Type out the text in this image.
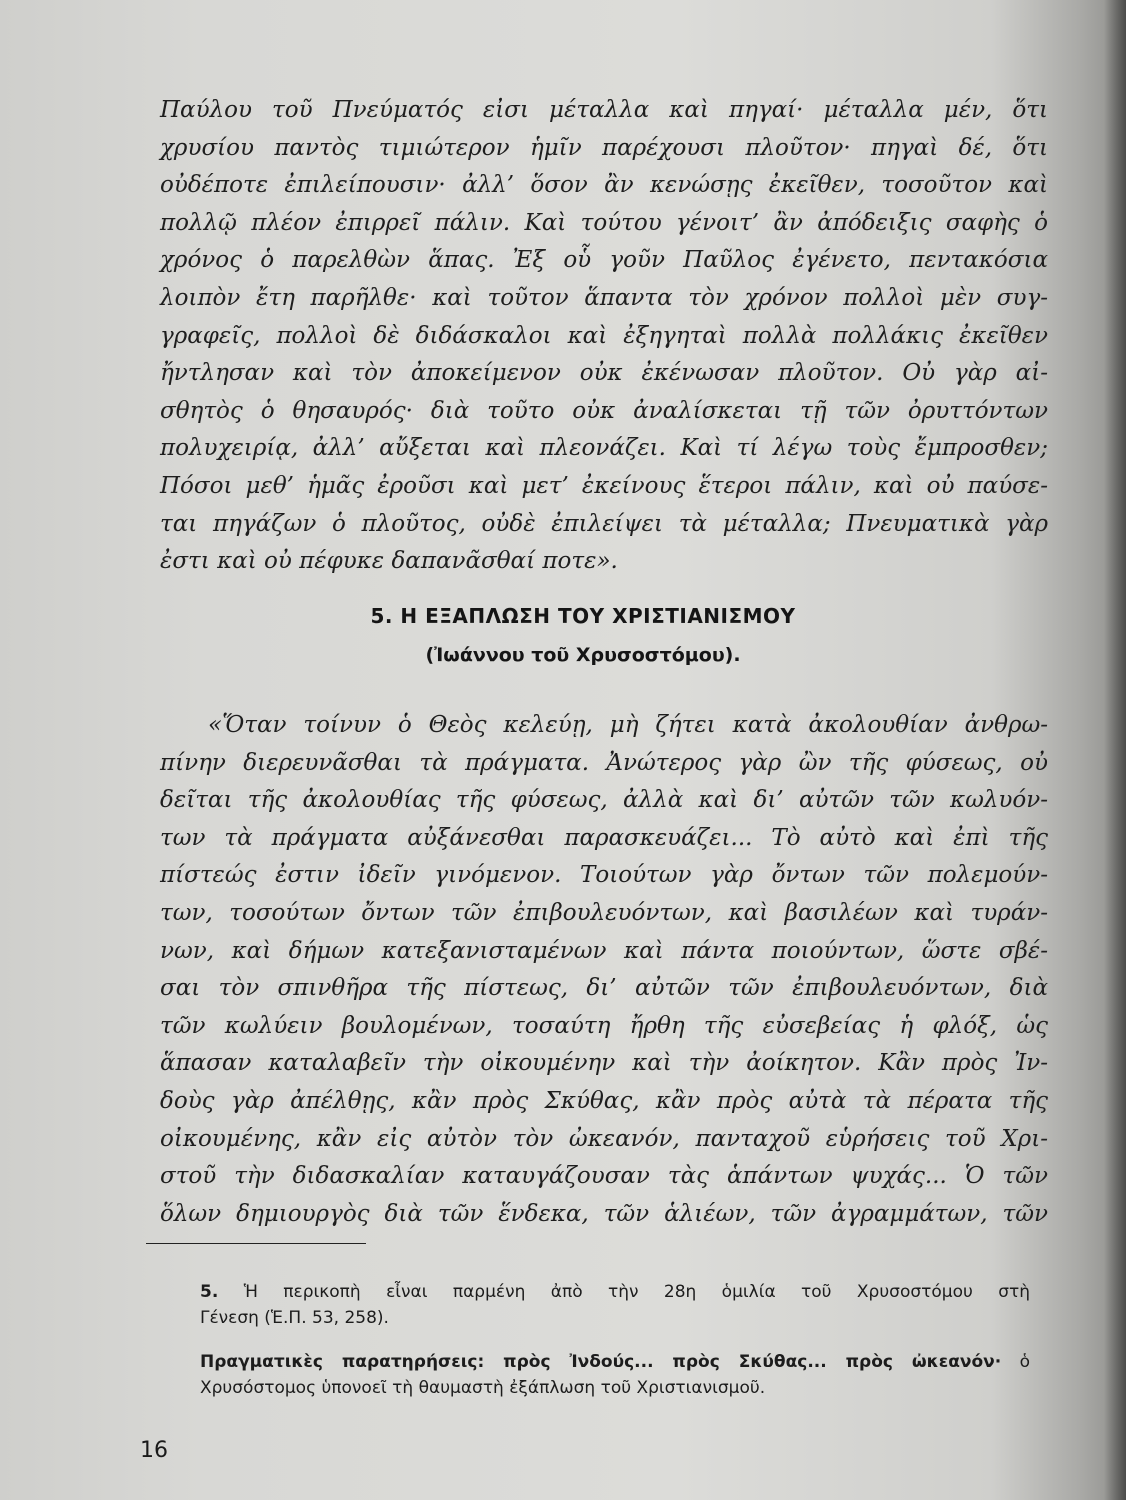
Παύλου τοῦ Πνεύματός εἰσι μέταλλα καὶ πηγαί· μέταλλα μέν, ὅτι
χρυσίου παντὸς τιμιώτερον ἡμῖν παρέχουσι πλοῦτον· πηγαὶ δέ, ὅτι
οὐδέποτε ἐπιλείπουσιν· ἀλλ’ ὅσον ἂν κενώσῃς ἐκεῖθεν, τοσοῦτον καὶ
πολλῷ πλέον ἐπιρρεῖ πάλιν. Καὶ τούτου γένοιτ’ ἂν ἀπόδειξις σαφὴς ὁ
χρόνος ὁ παρελθὼν ἅπας. Ἐξ οὗ γοῦν Παῦλος ἐγένετο, πεντακόσια
λοιπὸν ἔτη παρῆλθε· καὶ τοῦτον ἅπαντα τὸν χρόνον πολλοὶ μὲν συγ-
γραφεῖς, πολλοὶ δὲ διδάσκαλοι καὶ ἐξηγηταὶ πολλὰ πολλάκις ἐκεῖθεν
ἤντλησαν καὶ τὸν ἀποκείμενον οὐκ ἐκένωσαν πλοῦτον. Οὐ γὰρ αἰ-
σθητὸς ὁ θησαυρός· διὰ τοῦτο οὐκ ἀναλίσκεται τῇ τῶν ὀρυττόντων
πολυχειρίᾳ, ἀλλ’ αὔξεται καὶ πλεονάζει. Καὶ τί λέγω τοὺς ἔμπροσθεν;
Πόσοι μεθ’ ἡμᾶς ἐροῦσι καὶ μετ’ ἐκείνους ἕτεροι πάλιν, καὶ οὐ παύσε-
ται πηγάζων ὁ πλοῦτος, οὐδὲ ἐπιλείψει τὰ μέταλλα; Πνευματικὰ γὰρ
ἐστι καὶ οὐ πέφυκε δαπανᾶσθαί ποτε».

5. Η ΕΞΑΠΛΩΣΗ ΤΟΥ ΧΡΙΣΤΙΑΝΙΣΜΟΥ
(Ἰωάννου τοῦ Χρυσοστόμου).

«Ὅταν τοίνυν ὁ Θεὸς κελεύῃ, μὴ ζήτει κατὰ ἀκολουθίαν ἀνθρω-
πίνην διερευνᾶσθαι τὰ πράγματα. Ἀνώτερος γὰρ ὢν τῆς φύσεως, οὐ
δεῖται τῆς ἀκολουθίας τῆς φύσεως, ἀλλὰ καὶ δι’ αὐτῶν τῶν κωλυόν-
των τὰ πράγματα αὐξάνεσθαι παρασκευάζει... Τὸ αὐτὸ καὶ ἐπὶ τῆς
πίστεώς ἐστιν ἰδεῖν γινόμενον. Τοιούτων γὰρ ὄντων τῶν πολεμούν-
των, τοσούτων ὄντων τῶν ἐπιβουλευόντων, καὶ βασιλέων καὶ τυράν-
νων, καὶ δήμων κατεξανισταμένων καὶ πάντα ποιούντων, ὥστε σβέ-
σαι τὸν σπινθῆρα τῆς πίστεως, δι’ αὐτῶν τῶν ἐπιβουλευόντων, διὰ
τῶν κωλύειν βουλομένων, τοσαύτη ἤρθη τῆς εὐσεβείας ἡ φλόξ, ὡς
ἅπασαν καταλαβεῖν τὴν οἰκουμένην καὶ τὴν ἀοίκητον. Κἂν πρὸς Ἰν-
δοὺς γὰρ ἀπέλθῃς, κἂν πρὸς Σκύθας, κἂν πρὸς αὐτὰ τὰ πέρατα τῆς
οἰκουμένης, κἂν εἰς αὐτὸν τὸν ὠκεανόν, πανταχοῦ εὑρήσεις τοῦ Χρι-
στοῦ τὴν διδασκαλίαν καταυγάζουσαν τὰς ἁπάντων ψυχάς... Ὁ τῶν
ὅλων δημιουργὸς διὰ τῶν ἕνδεκα, τῶν ἁλιέων, τῶν ἀγραμμάτων, τῶν

5. Ἡ περικοπὴ εἶναι παρμένη ἀπὸ τὴν 28η ὁμιλία τοῦ Χρυσοστόμου στὴ
Γένεση (Ἑ.Π. 53, 258).

Πραγματικὲς παρατηρήσεις: πρὸς Ἰνδούς... πρὸς Σκύθας... πρὸς ὠκεανόν· ὁ
Χρυσόστομος ὑπονοεῖ τὴ θαυμαστὴ ἐξάπλωση τοῦ Χριστιανισμοῦ.

16
